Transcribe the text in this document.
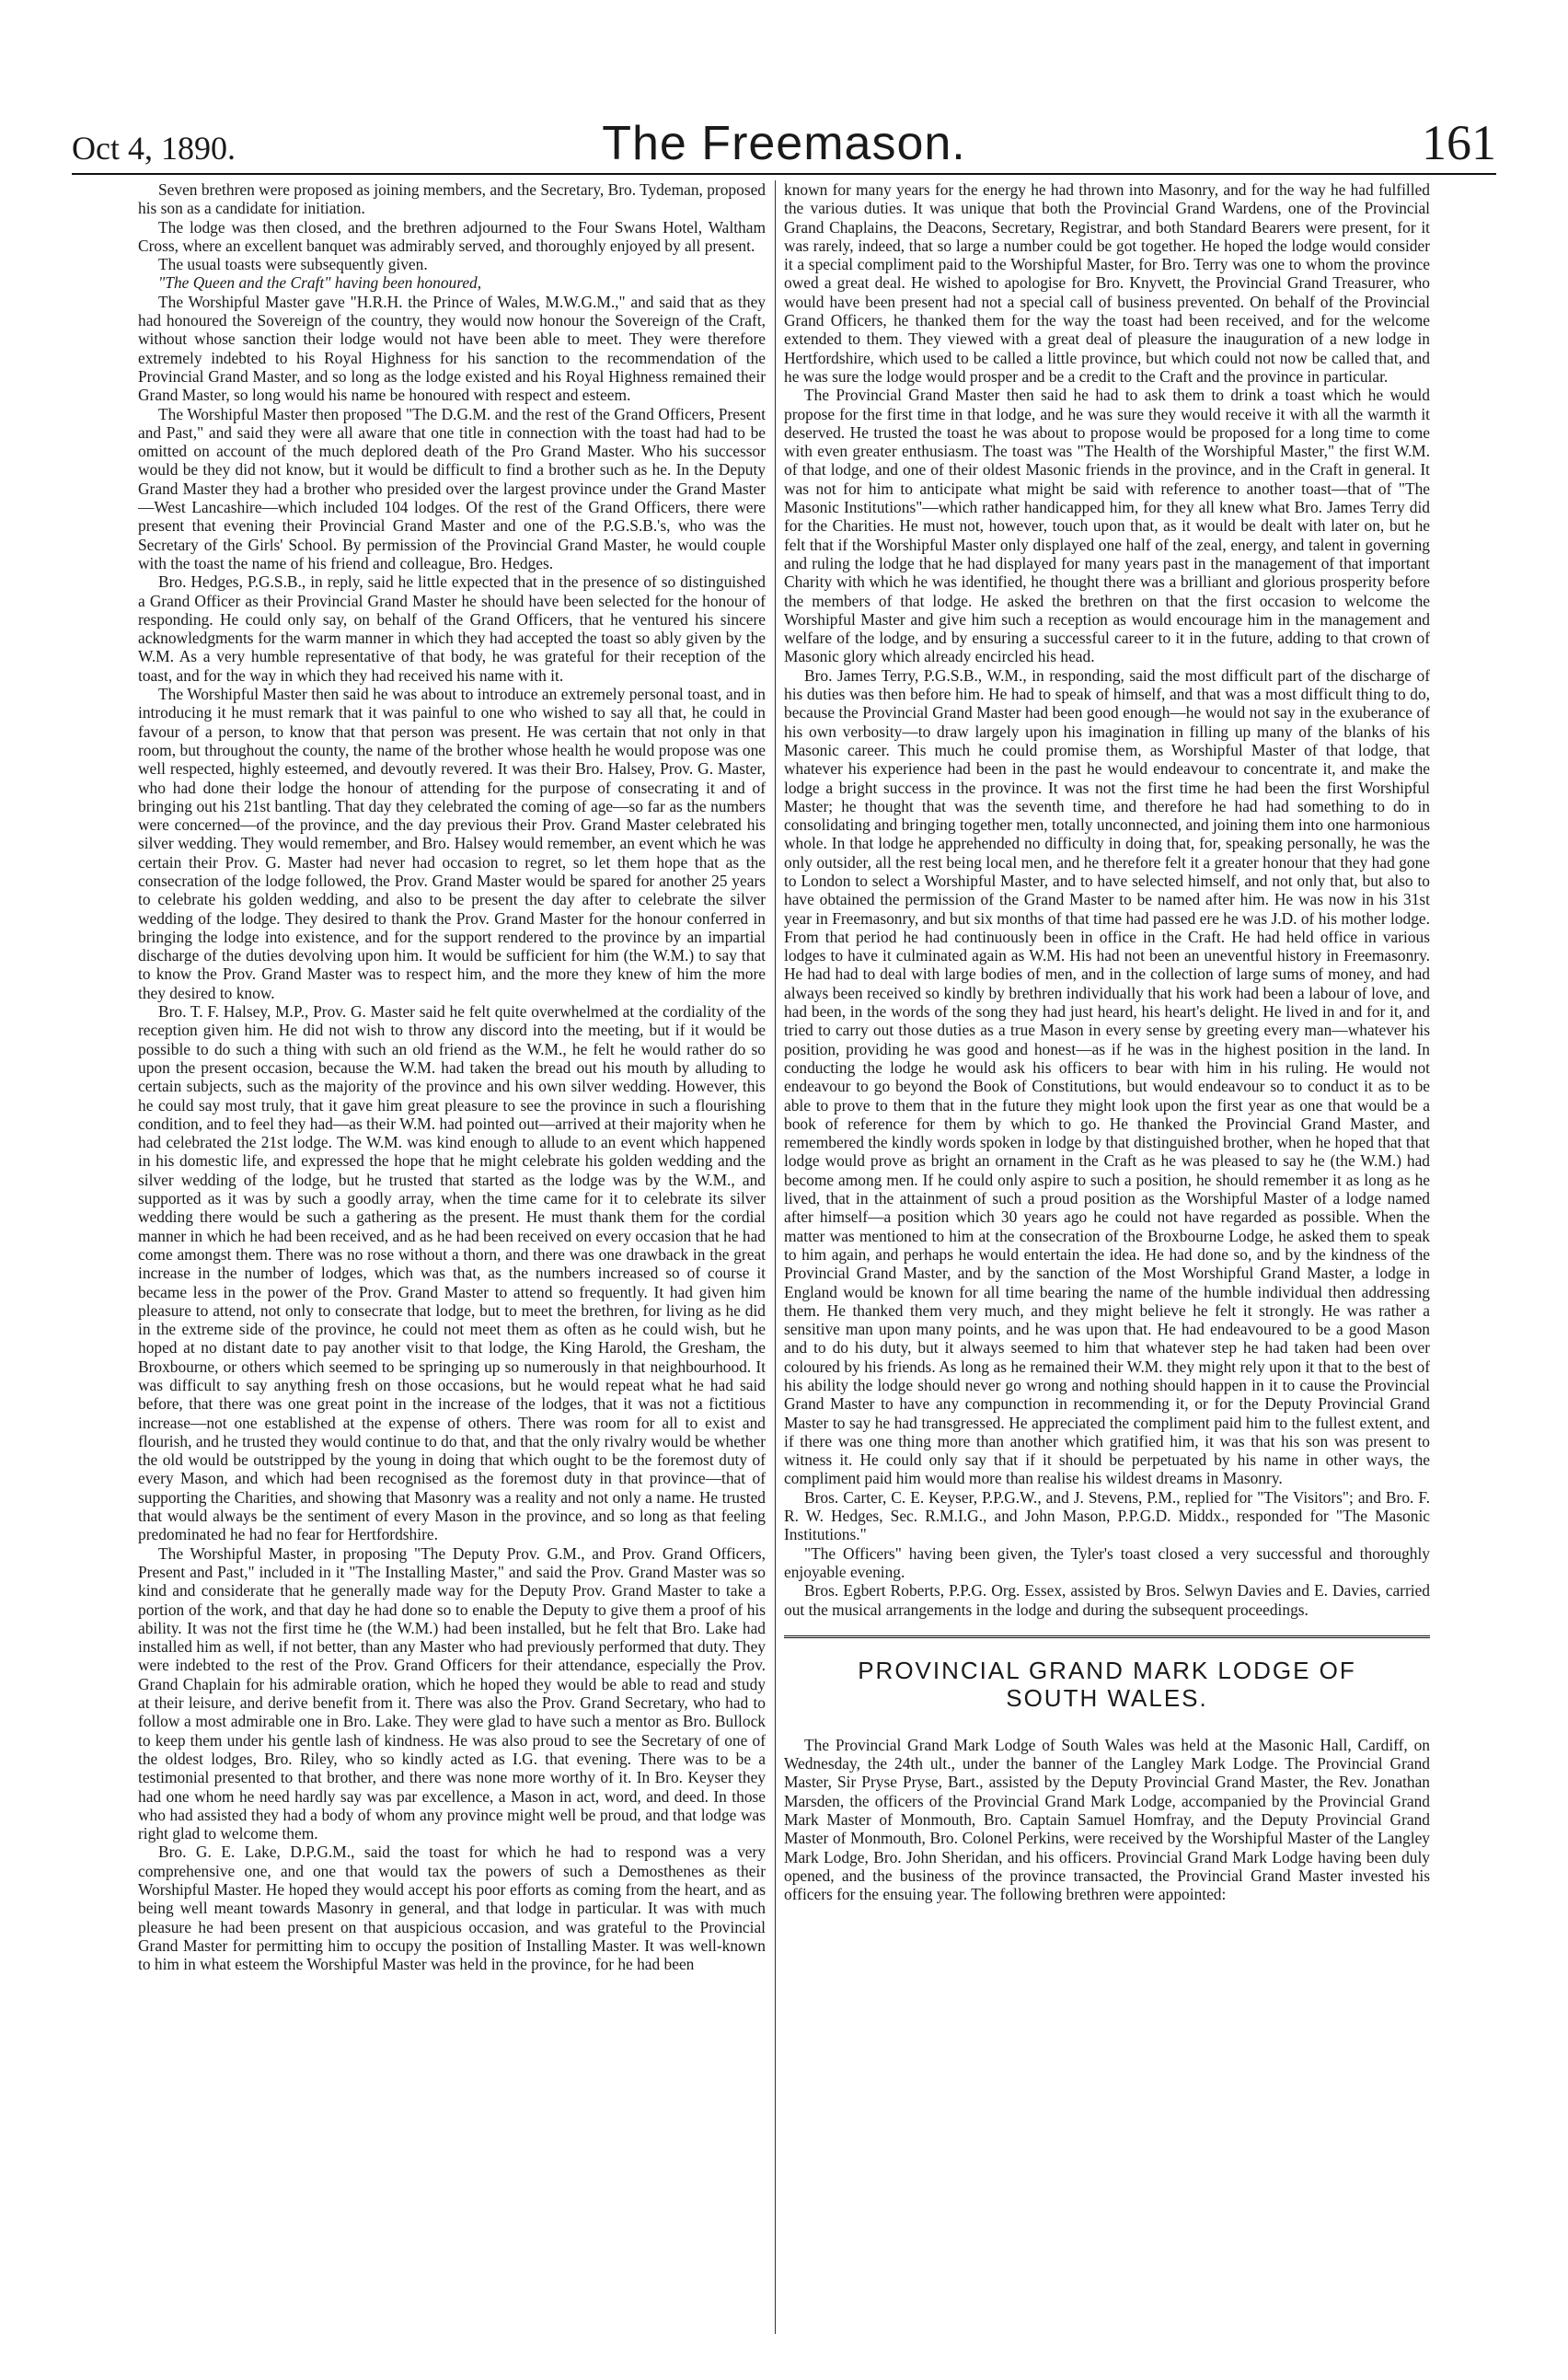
Oct 4, 1890.	The Freemason.	161

Seven brethren were proposed as joining members, and the Secretary, Bro. Tydeman, proposed his son as a candidate for initiation.

The lodge was then closed, and the brethren adjourned to the Four Swans Hotel, Waltham Cross, where an excellent banquet was admirably served, and thoroughly enjoyed by all present.

The usual toasts were subsequently given.

"The Queen and the Craft" having been honoured,

The Worshipful Master gave "H.R.H. the Prince of Wales, M.W.G.M.," and said that as they had honoured the Sovereign of the country, they would now honour the Sovereign of the Craft, without whose sanction their lodge would not have been able to meet. They were therefore extremely indebted to his Royal Highness for his sanction to the recommendation of the Provincial Grand Master, and so long as the lodge existed and his Royal Highness remained their Grand Master, so long would his name be honoured with respect and esteem.

The Worshipful Master then proposed "The D.G.M. and the rest of the Grand Officers, Present and Past," and said they were all aware that one title in connection with the toast had had to be omitted on account of the much deplored death of the Pro Grand Master. Who his successor would be they did not know, but it would be difficult to find a brother such as he. In the Deputy Grand Master they had a brother who presided over the largest province under the Grand Master —West Lancashire—which included 104 lodges. Of the rest of the Grand Officers, there were present that evening their Provincial Grand Master and one of the P.G.S.B.'s, who was the Secretary of the Girls' School. By permission of the Provincial Grand Master, he would couple with the toast the name of his friend and colleague, Bro. Hedges.

Bro. Hedges, P.G.S.B., in reply, said he little expected that in the presence of so distinguished a Grand Officer as their Provincial Grand Master he should have been selected for the honour of responding. He could only say, on behalf of the Grand Officers, that he ventured his sincere acknowledgments for the warm manner in which they had accepted the toast so ably given by the W.M. As a very humble representative of that body, he was grateful for their reception of the toast, and for the way in which they had received his name with it.

The Worshipful Master then said he was about to introduce an extremely personal toast, and in introducing it he must remark that it was painful to one who wished to say all that, he could in favour of a person, to know that that person was present. He was certain that not only in that room, but throughout the county, the name of the brother whose health he would propose was one well respected, highly esteemed, and devoutly revered. It was their Bro. Halsey, Prov. G. Master, who had done their lodge the honour of attending for the purpose of consecrating it and of bringing out his 21st bantling. That day they celebrated the coming of age—so far as the numbers were concerned—of the province, and the day previous their Prov. Grand Master celebrated his silver wedding. They would remember, and Bro. Halsey would remember, an event which he was certain their Prov. G. Master had never had occasion to regret, so let them hope that as the consecration of the lodge followed, the Prov. Grand Master would be spared for another 25 years to celebrate his golden wedding, and also to be present the day after to celebrate the silver wedding of the lodge. They desired to thank the Prov. Grand Master for the honour conferred in bringing the lodge into existence, and for the support rendered to the province by an impartial discharge of the duties devolving upon him. It would be sufficient for him (the W.M.) to say that to know the Prov. Grand Master was to respect him, and the more they knew of him the more they desired to know.

Bro. T. F. Halsey, M.P., Prov. G. Master said he felt quite overwhelmed at the cordiality of the reception given him. He did not wish to throw any discord into the meeting, but if it would be possible to do such a thing with such an old friend as the W.M., he felt he would rather do so upon the present occasion, because the W.M. had taken the bread out his mouth by alluding to certain subjects, such as the majority of the province and his own silver wedding. However, this he could say most truly, that it gave him great pleasure to see the province in such a flourishing condition, and to feel they had—as their W.M. had pointed out—arrived at their majority when he had celebrated the 21st lodge. The W.M. was kind enough to allude to an event which happened in his domestic life, and expressed the hope that he might celebrate his golden wedding and the silver wedding of the lodge, but he trusted that started as the lodge was by the W.M., and supported as it was by such a goodly array, when the time came for it to celebrate its silver wedding there would be such a gathering as the present. He must thank them for the cordial manner in which he had been received, and as he had been received on every occasion that he had come amongst them. There was no rose without a thorn, and there was one drawback in the great increase in the number of lodges, which was that, as the numbers increased so of course it became less in the power of the Prov. Grand Master to attend so frequently. It had given him pleasure to attend, not only to consecrate that lodge, but to meet the brethren, for living as he did in the extreme side of the province, he could not meet them as often as he could wish, but he hoped at no distant date to pay another visit to that lodge, the King Harold, the Gresham, the Broxbourne, or others which seemed to be springing up so numerously in that neighbourhood. It was difficult to say anything fresh on those occasions, but he would repeat what he had said before, that there was one great point in the increase of the lodges, that it was not a fictitious increase—not one established at the expense of others. There was room for all to exist and flourish, and he trusted they would continue to do that, and that the only rivalry would be whether the old would be outstripped by the young in doing that which ought to be the foremost duty of every Mason, and which had been recognised as the foremost duty in that province—that of supporting the Charities, and showing that Masonry was a reality and not only a name. He trusted that would always be the sentiment of every Mason in the province, and so long as that feeling predominated he had no fear for Hertfordshire.

The Worshipful Master, in proposing "The Deputy Prov. G.M., and Prov. Grand Officers, Present and Past," included in it "The Installing Master," and said the Prov. Grand Master was so kind and considerate that he generally made way for the Deputy Prov. Grand Master to take a portion of the work, and that day he had done so to enable the Deputy to give them a proof of his ability. It was not the first time he (the W.M.) had been installed, but he felt that Bro. Lake had installed him as well, if not better, than any Master who had previously performed that duty. They were indebted to the rest of the Prov. Grand Officers for their attendance, especially the Prov. Grand Chaplain for his admirable oration, which he hoped they would be able to read and study at their leisure, and derive benefit from it. There was also the Prov. Grand Secretary, who had to follow a most admirable one in Bro. Lake. They were glad to have such a mentor as Bro. Bullock to keep them under his gentle lash of kindness. He was also proud to see the Secretary of one of the oldest lodges, Bro. Riley, who so kindly acted as I.G. that evening. There was to be a testimonial presented to that brother, and there was none more worthy of it. In Bro. Keyser they had one whom he need hardly say was par excellence, a Mason in act, word, and deed. In those who had assisted they had a body of whom any province might well be proud, and that lodge was right glad to welcome them.

Bro. G. E. Lake, D.P.G.M., said the toast for which he had to respond was a very comprehensive one, and one that would tax the powers of such a Demosthenes as their Worshipful Master. He hoped they would accept his poor efforts as coming from the heart, and as being well meant towards Masonry in general, and that lodge in particular. It was with much pleasure he had been present on that auspicious occasion, and was grateful to the Provincial Grand Master for permitting him to occupy the position of Installing Master. It was well-known to him in what esteem the Worshipful Master was held in the province, for he had been

known for many years for the energy he had thrown into Masonry, and for the way he had fulfilled the various duties. It was unique that both the Provincial Grand Wardens, one of the Provincial Grand Chaplains, the Deacons, Secretary, Registrar, and both Standard Bearers were present, for it was rarely, indeed, that so large a number could be got together. He hoped the lodge would consider it a special compliment paid to the Worshipful Master, for Bro. Terry was one to whom the province owed a great deal. He wished to apologise for Bro. Knyvett, the Provincial Grand Treasurer, who would have been present had not a special call of business prevented. On behalf of the Provincial Grand Officers, he thanked them for the way the toast had been received, and for the welcome extended to them. They viewed with a great deal of pleasure the inauguration of a new lodge in Hertfordshire, which used to be called a little province, but which could not now be called that, and he was sure the lodge would prosper and be a credit to the Craft and the province in particular.

The Provincial Grand Master then said he had to ask them to drink a toast which he would propose for the first time in that lodge, and he was sure they would receive it with all the warmth it deserved. He trusted the toast he was about to propose would be proposed for a long time to come with even greater enthusiasm. The toast was "The Health of the Worshipful Master," the first W.M. of that lodge, and one of their oldest Masonic friends in the province, and in the Craft in general. It was not for him to anticipate what might be said with reference to another toast—that of "The Masonic Institutions"—which rather handicapped him, for they all knew what Bro. James Terry did for the Charities. He must not, however, touch upon that, as it would be dealt with later on, but he felt that if the Worshipful Master only displayed one half of the zeal, energy, and talent in governing and ruling the lodge that he had displayed for many years past in the management of that important Charity with which he was identified, he thought there was a brilliant and glorious prosperity before the members of that lodge. He asked the brethren on that the first occasion to welcome the Worshipful Master and give him such a reception as would encourage him in the management and welfare of the lodge, and by ensuring a successful career to it in the future, adding to that crown of Masonic glory which already encircled his head.

Bro. James Terry, P.G.S.B., W.M., in responding, said the most difficult part of the discharge of his duties was then before him. He had to speak of himself, and that was a most difficult thing to do, because the Provincial Grand Master had been good enough—he would not say in the exuberance of his own verbosity—to draw largely upon his imagination in filling up many of the blanks of his Masonic career. This much he could promise them, as Worshipful Master of that lodge, that whatever his experience had been in the past he would endeavour to concentrate it, and make the lodge a bright success in the province. It was not the first time he had been the first Worshipful Master; he thought that was the seventh time, and therefore he had had something to do in consolidating and bringing together men, totally unconnected, and joining them into one harmonious whole. In that lodge he apprehended no difficulty in doing that, for, speaking personally, he was the only outsider, all the rest being local men, and he therefore felt it a greater honour that they had gone to London to select a Worshipful Master, and to have selected himself, and not only that, but also to have obtained the permission of the Grand Master to be named after him. He was now in his 31st year in Freemasonry, and but six months of that time had passed ere he was J.D. of his mother lodge. From that period he had continuously been in office in the Craft. He had held office in various lodges to have it culminated again as W.M. His had not been an uneventful history in Freemasonry. He had had to deal with large bodies of men, and in the collection of large sums of money, and had always been received so kindly by brethren individually that his work had been a labour of love, and had been, in the words of the song they had just heard, his heart's delight. He lived in and for it, and tried to carry out those duties as a true Mason in every sense by greeting every man—whatever his position, providing he was good and honest—as if he was in the highest position in the land. In conducting the lodge he would ask his officers to bear with him in his ruling. He would not endeavour to go beyond the Book of Constitutions, but would endeavour so to conduct it as to be able to prove to them that in the future they might look upon the first year as one that would be a book of reference for them by which to go. He thanked the Provincial Grand Master, and remembered the kindly words spoken in lodge by that distinguished brother, when he hoped that that lodge would prove as bright an ornament in the Craft as he was pleased to say he (the W.M.) had become among men. If he could only aspire to such a position, he should remember it as long as he lived, that in the attainment of such a proud position as the Worshipful Master of a lodge named after himself—a position which 30 years ago he could not have regarded as possible. When the matter was mentioned to him at the consecration of the Broxbourne Lodge, he asked them to speak to him again, and perhaps he would entertain the idea. He had done so, and by the kindness of the Provincial Grand Master, and by the sanction of the Most Worshipful Grand Master, a lodge in England would be known for all time bearing the name of the humble individual then addressing them. He thanked them very much, and they might believe he felt it strongly. He was rather a sensitive man upon many points, and he was upon that. He had endeavoured to be a good Mason and to do his duty, but it always seemed to him that whatever step he had taken had been over coloured by his friends. As long as he remained their W.M. they might rely upon it that to the best of his ability the lodge should never go wrong and nothing should happen in it to cause the Provincial Grand Master to have any compunction in recommending it, or for the Deputy Provincial Grand Master to say he had transgressed. He appreciated the compliment paid him to the fullest extent, and if there was one thing more than another which gratified him, it was that his son was present to witness it. He could only say that if it should be perpetuated by his name in other ways, the compliment paid him would more than realise his wildest dreams in Masonry.

Bros. Carter, C. E. Keyser, P.P.G.W., and J. Stevens, P.M., replied for "The Visitors"; and Bro. F. R. W. Hedges, Sec. R.M.I.G., and John Mason, P.P.G.D. Middx., responded for "The Masonic Institutions."

"The Officers" having been given, the Tyler's toast closed a very successful and thoroughly enjoyable evening.

Bros. Egbert Roberts, P.P.G. Org. Essex, assisted by Bros. Selwyn Davies and E. Davies, carried out the musical arrangements in the lodge and during the subsequent proceedings.

PROVINCIAL GRAND MARK LODGE OF
SOUTH WALES.

The Provincial Grand Mark Lodge of South Wales was held at the Masonic Hall, Cardiff, on Wednesday, the 24th ult., under the banner of the Langley Mark Lodge. The Provincial Grand Master, Sir Pryse Pryse, Bart., assisted by the Deputy Provincial Grand Master, the Rev. Jonathan Marsden, the officers of the Provincial Grand Mark Lodge, accompanied by the Provincial Grand Mark Master of Monmouth, Bro. Captain Samuel Homfray, and the Deputy Provincial Grand Master of Monmouth, Bro. Colonel Perkins, were received by the Worshipful Master of the Langley Mark Lodge, Bro. John Sheridan, and his officers. Provincial Grand Mark Lodge having been duly opened, and the business of the province transacted, the Provincial Grand Master invested his officers for the ensuing year. The following brethren were appointed:
